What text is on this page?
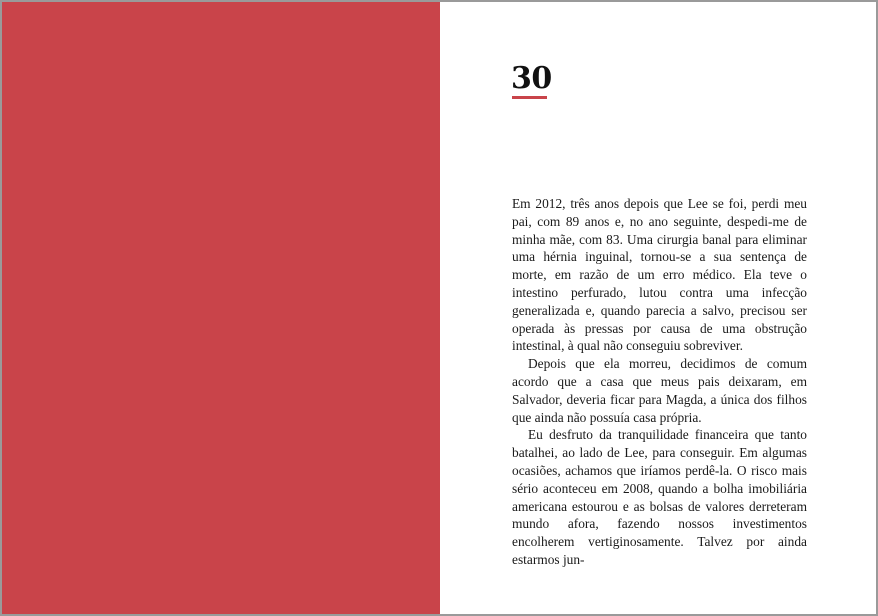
30

Em 2012, três anos depois que Lee se foi, perdi meu pai, com 89 anos e, no ano seguinte, despedi-me de minha mãe, com 83. Uma cirurgia banal para eliminar uma hérnia inguinal, tornou-se a sua sentença de morte, em razão de um erro médico. Ela teve o intestino perfurado, lutou contra uma infecção generalizada e, quando parecia a salvo, precisou ser operada às pressas por causa de uma obstrução intestinal, à qual não conseguiu sobreviver.

Depois que ela morreu, decidimos de comum acordo que a casa que meus pais deixaram, em Salvador, deveria ficar para Magda, a única dos filhos que ainda não possuía casa própria.

Eu desfruto da tranquilidade financeira que tanto batalhei, ao lado de Lee, para conseguir. Em algumas ocasiões, achamos que iríamos perdê-la. O risco mais sério aconteceu em 2008, quando a bolha imobiliária americana estourou e as bolsas de valores derreteram mundo afora, fazendo nossos investimentos encolherem vertiginosamente. Talvez por ainda estarmos jun-
